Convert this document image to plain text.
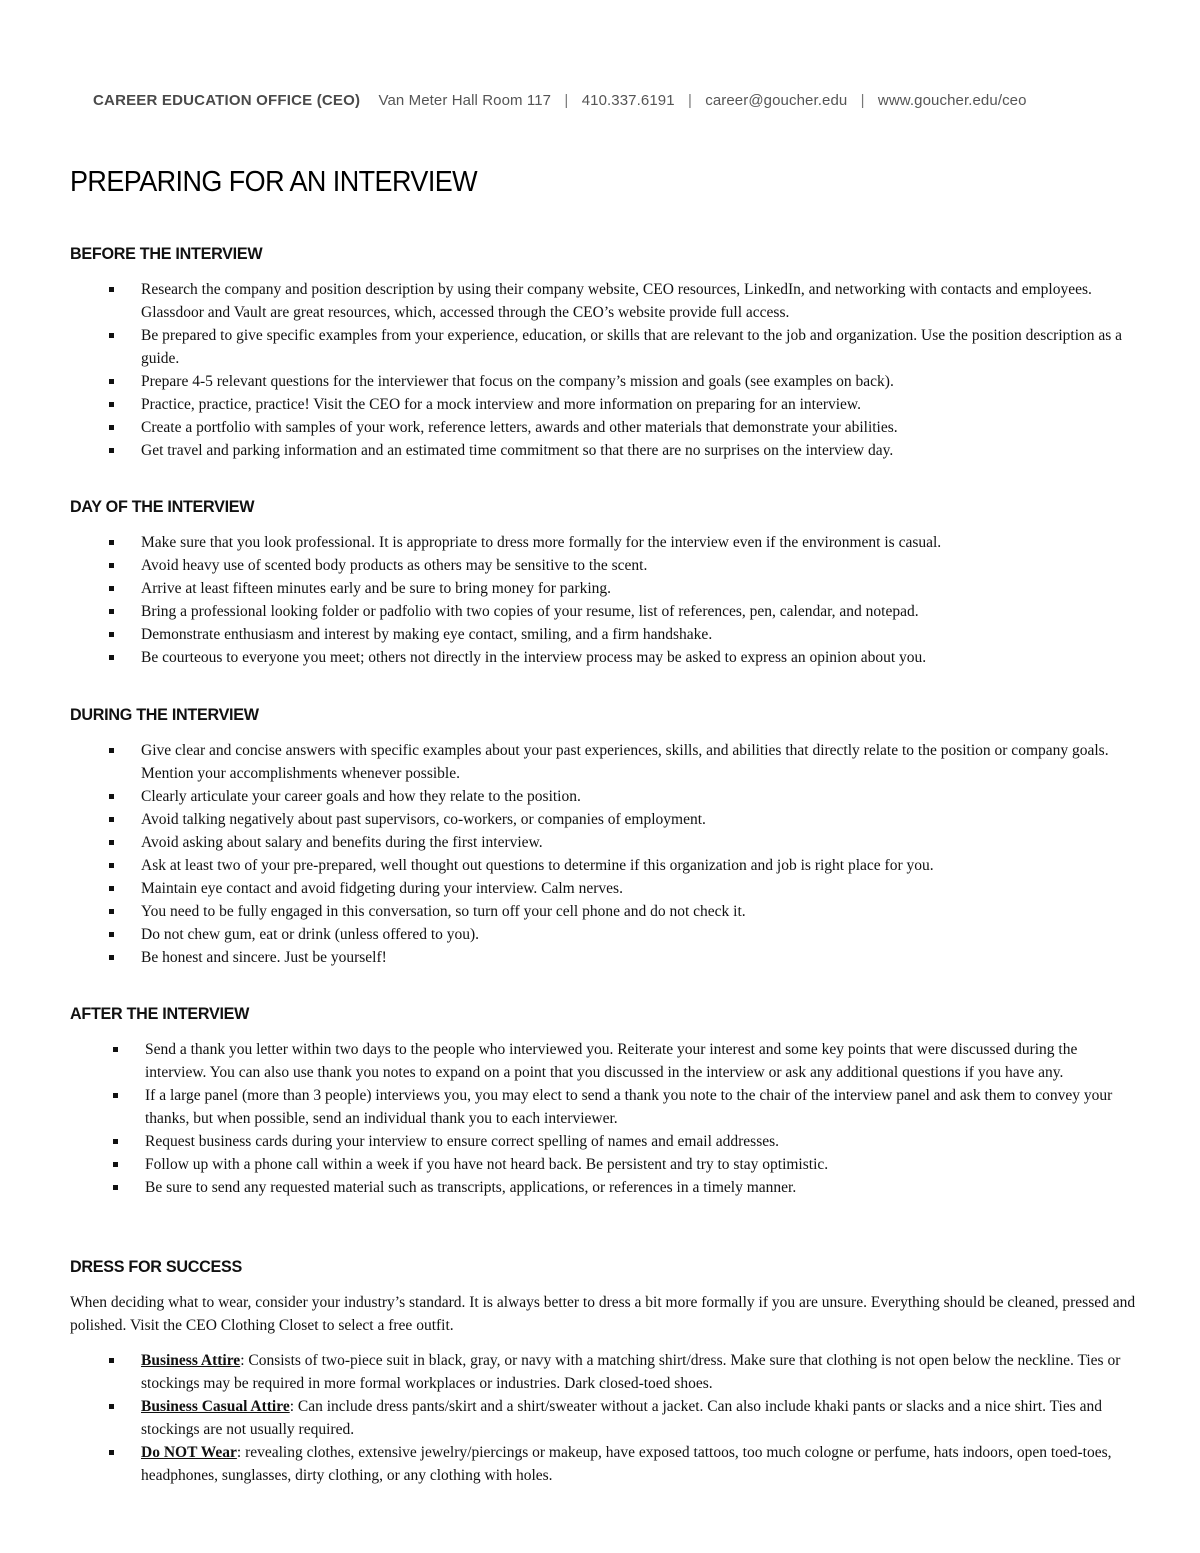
CAREER EDUCATION OFFICE (CEO) Van Meter Hall Room 117 | 410.337.6191 | career@goucher.edu | www.goucher.edu/ceo
PREPARING FOR AN INTERVIEW
BEFORE THE INTERVIEW
Research the company and position description by using their company website, CEO resources, LinkedIn, and networking with contacts and employees. Glassdoor and Vault are great resources, which, accessed through the CEO’s website provide full access.
Be prepared to give specific examples from your experience, education, or skills that are relevant to the job and organization. Use the position description as a guide.
Prepare 4-5 relevant questions for the interviewer that focus on the company’s mission and goals (see examples on back).
Practice, practice, practice! Visit the CEO for a mock interview and more information on preparing for an interview.
Create a portfolio with samples of your work, reference letters, awards and other materials that demonstrate your abilities.
Get travel and parking information and an estimated time commitment so that there are no surprises on the interview day.
DAY OF THE INTERVIEW
Make sure that you look professional. It is appropriate to dress more formally for the interview even if the environment is casual.
Avoid heavy use of scented body products as others may be sensitive to the scent.
Arrive at least fifteen minutes early and be sure to bring money for parking.
Bring a professional looking folder or padfolio with two copies of your resume, list of references, pen, calendar, and notepad.
Demonstrate enthusiasm and interest by making eye contact, smiling, and a firm handshake.
Be courteous to everyone you meet; others not directly in the interview process may be asked to express an opinion about you.
DURING THE INTERVIEW
Give clear and concise answers with specific examples about your past experiences, skills, and abilities that directly relate to the position or company goals. Mention your accomplishments whenever possible.
Clearly articulate your career goals and how they relate to the position.
Avoid talking negatively about past supervisors, co-workers, or companies of employment.
Avoid asking about salary and benefits during the first interview.
Ask at least two of your pre-prepared, well thought out questions to determine if this organization and job is right place for you.
Maintain eye contact and avoid fidgeting during your interview. Calm nerves.
You need to be fully engaged in this conversation, so turn off your cell phone and do not check it.
Do not chew gum, eat or drink (unless offered to you).
Be honest and sincere. Just be yourself!
AFTER THE INTERVIEW
Send a thank you letter within two days to the people who interviewed you. Reiterate your interest and some key points that were discussed during the interview. You can also use thank you notes to expand on a point that you discussed in the interview or ask any additional questions if you have any.
If a large panel (more than 3 people) interviews you, you may elect to send a thank you note to the chair of the interview panel and ask them to convey your thanks, but when possible, send an individual thank you to each interviewer.
Request business cards during your interview to ensure correct spelling of names and email addresses.
Follow up with a phone call within a week if you have not heard back. Be persistent and try to stay optimistic.
Be sure to send any requested material such as transcripts, applications, or references in a timely manner.
DRESS FOR SUCCESS

When deciding what to wear, consider your industry’s standard. It is always better to dress a bit more formally if you are unsure. Everything should be cleaned, pressed and polished. Visit the CEO Clothing Closet to select a free outfit.

Business Attire: Consists of two-piece suit in black, gray, or navy with a matching shirt/dress. Make sure that clothing is not open below the neckline. Ties or stockings may be required in more formal workplaces or industries. Dark closed-toed shoes.
Business Casual Attire: Can include dress pants/skirt and a shirt/sweater without a jacket. Can also include khaki pants or slacks and a nice shirt. Ties and stockings are not usually required.
Do NOT Wear: revealing clothes, extensive jewelry/piercings or makeup, have exposed tattoos, too much cologne or perfume, hats indoors, open toed-toes, headphones, sunglasses, dirty clothing, or any clothing with holes.
